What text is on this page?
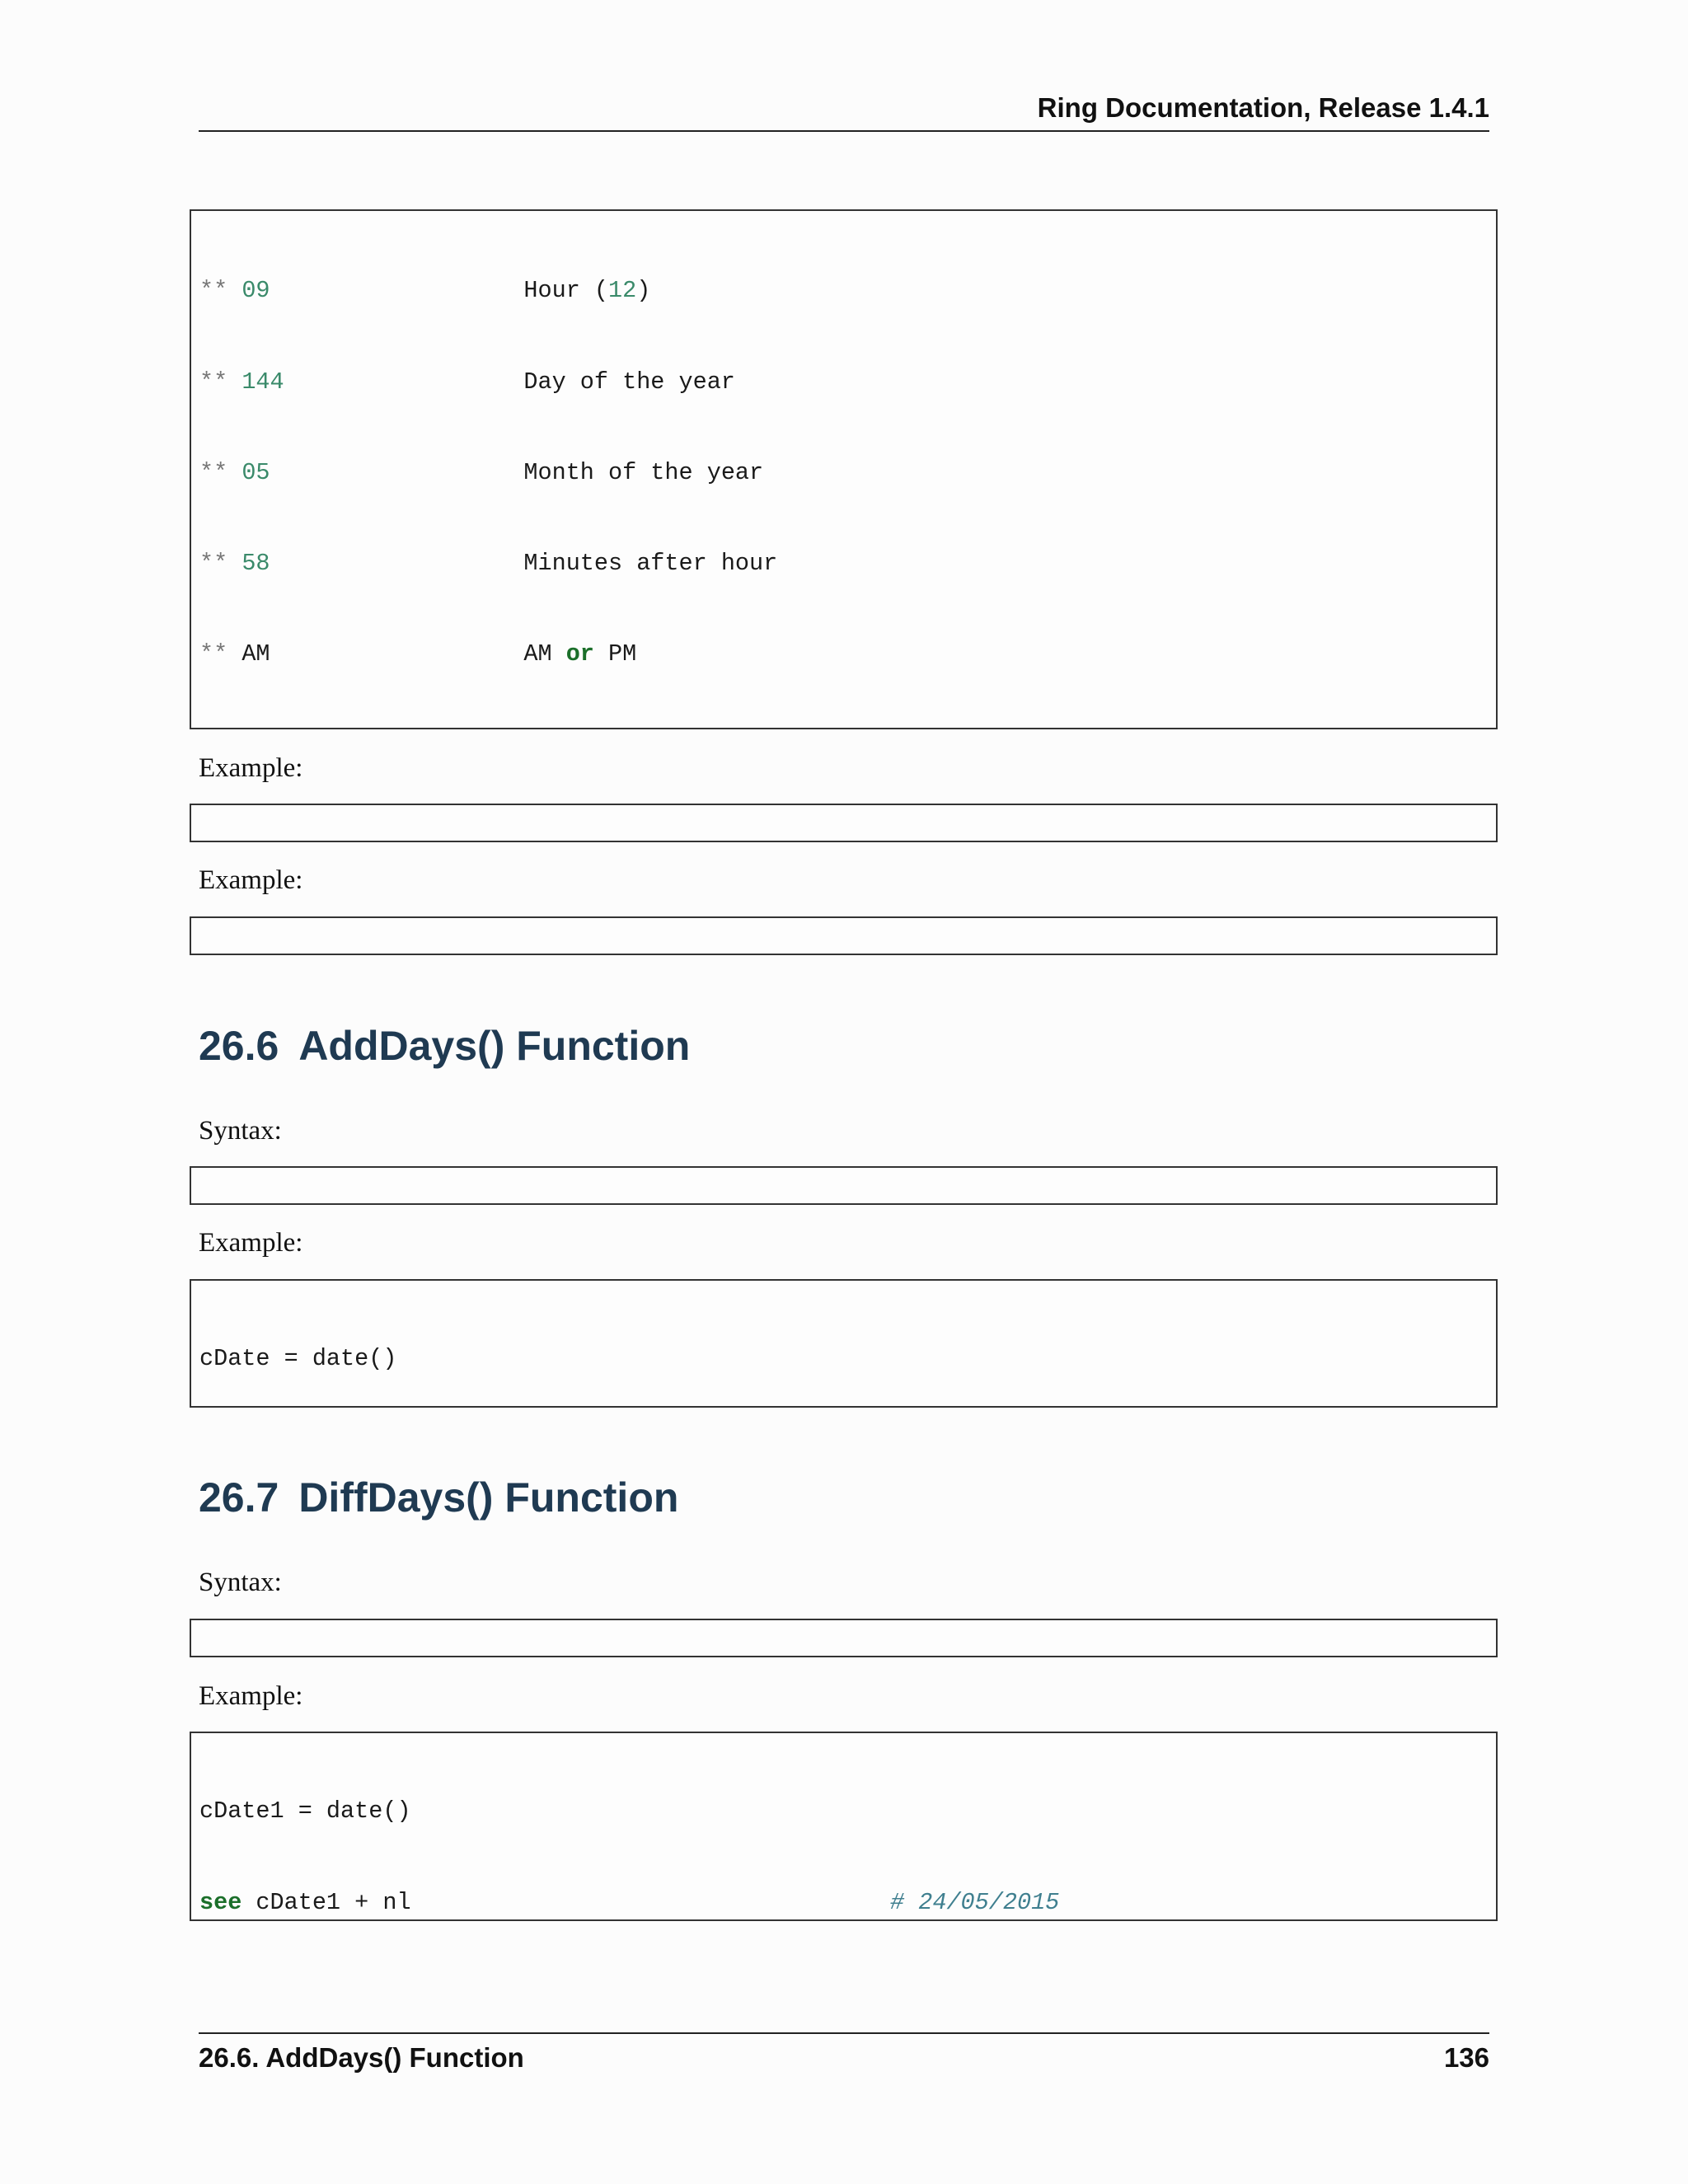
Ring Documentation, Release 1.4.1

** 09                  Hour (12)

** 144                 Day of the year

** 05                  Month of the year

** 58                  Minutes after hour

** AM                  AM or PM

Example:

Example:

26.6 AddDays() Function
Syntax:

Example:

cDate = date()

26.7 DiffDays() Function
Syntax:

Example:

cDate1 = date()

see cDate1 + nl	# 24/05/2015

26.6. AddDays() Function	136
